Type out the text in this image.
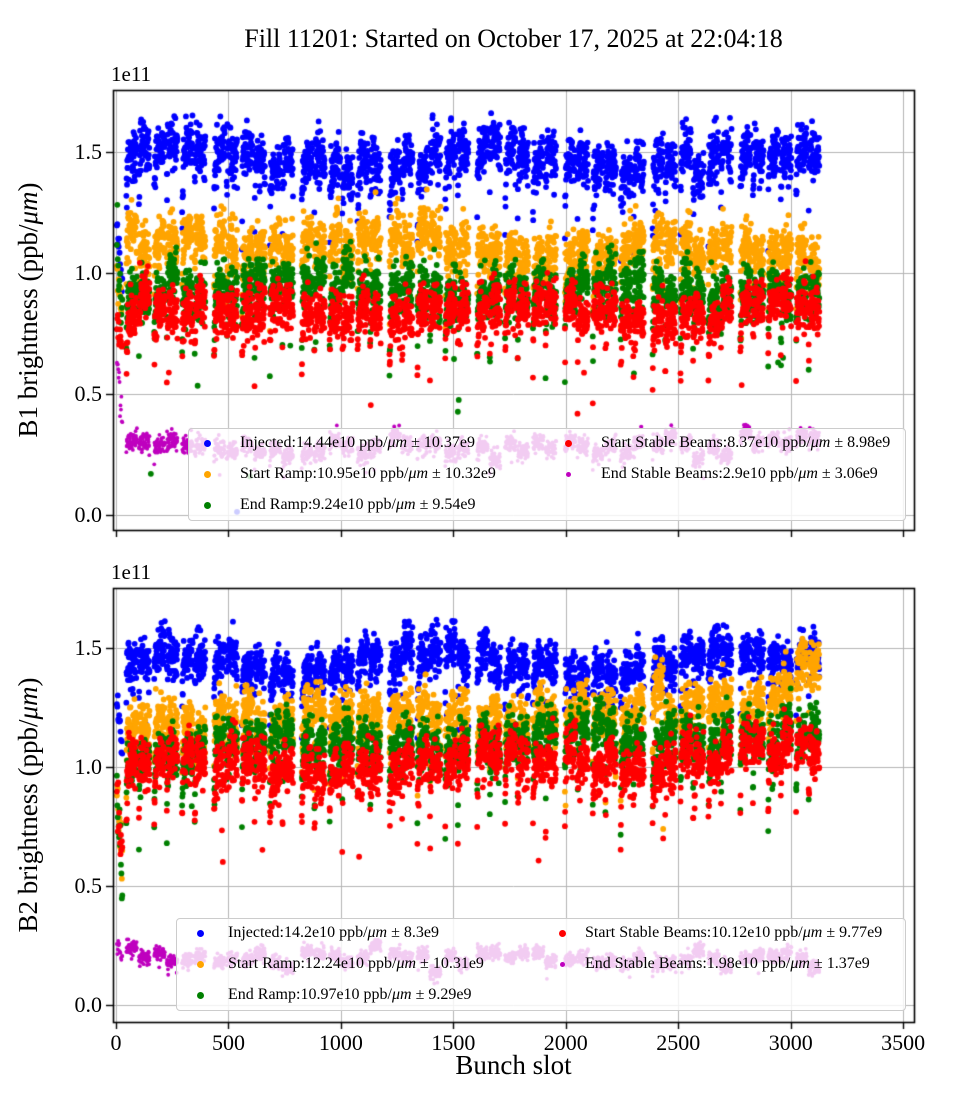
Fill 11201: Started on October 17, 2025 at 22:04:18
1e11
1e11
B1 brightness (ppb/μm)
B2 brightness (ppb/μm)
Bunch slot
0.0
0.5
1.0
1.5
0.0
0.5
1.0
1.5
0	500	1000	1500	2000	2500	3000	3500
Injected:14.44e10 ppb/μm ± 10.37e9
Start Ramp:10.95e10 ppb/μm ± 10.32e9
End Ramp:9.24e10 ppb/μm ± 9.54e9
Start Stable Beams:8.37e10 ppb/μm ± 8.98e9
End Stable Beams:2.9e10 ppb/μm ± 3.06e9
Injected:14.2e10 ppb/μm ± 8.3e9
Start Ramp:12.24e10 ppb/μm ± 10.31e9
End Ramp:10.97e10 ppb/μm ± 9.29e9
Start Stable Beams:10.12e10 ppb/μm ± 9.77e9
End Stable Beams:1.98e10 ppb/μm ± 1.37e9
